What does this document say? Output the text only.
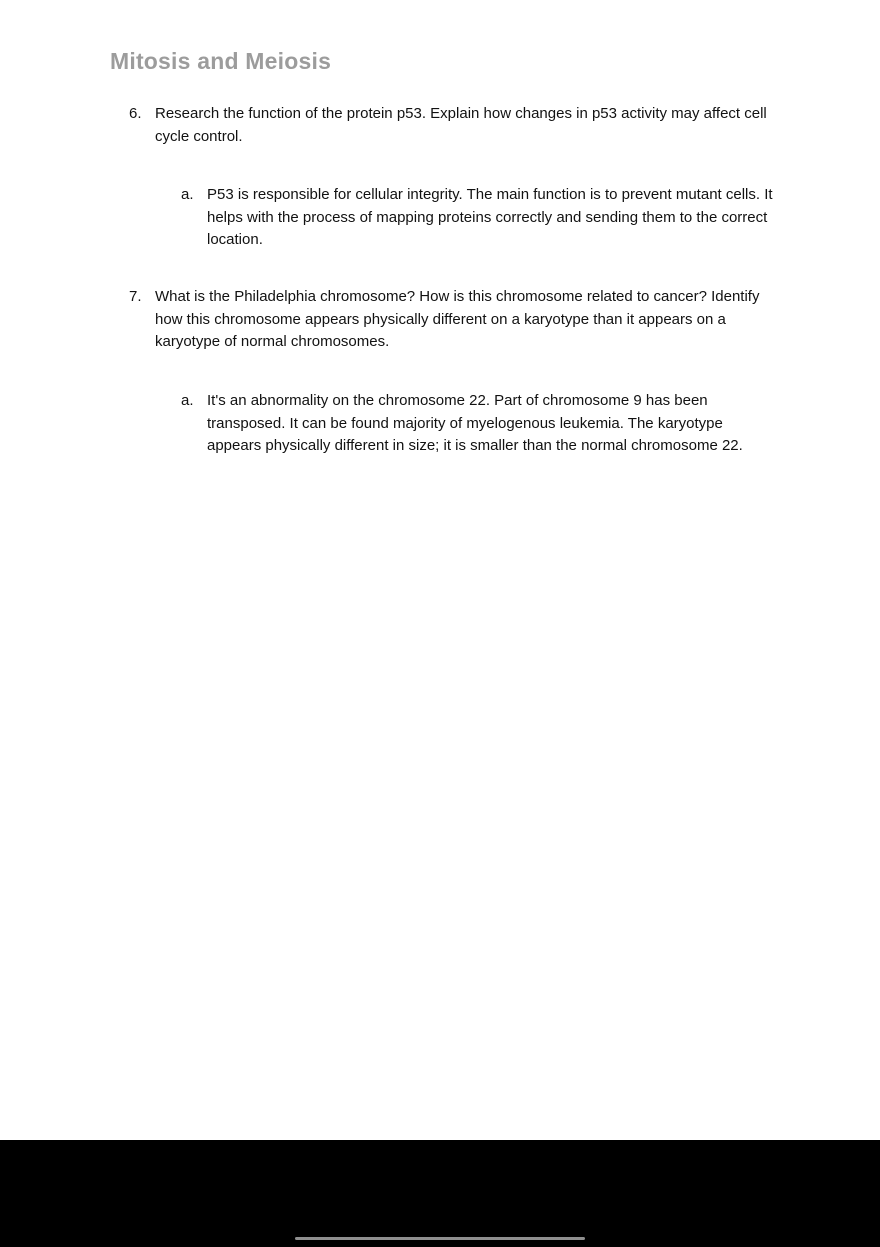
Mitosis and Meiosis
6. Research the function of the protein p53. Explain how changes in p53 activity may affect cell cycle control.
a. P53 is responsible for cellular integrity. The main function is to prevent mutant cells. It helps with the process of mapping proteins correctly and sending them to the correct location.
7. What is the Philadelphia chromosome? How is this chromosome related to cancer? Identify how this chromosome appears physically different on a karyotype than it appears on a karyotype of normal chromosomes.
a. It's an abnormality on the chromosome 22. Part of chromosome 9 has been transposed. It can be found majority of myelogenous leukemia. The karyotype appears physically different in size; it is smaller than the normal chromosome 22.
